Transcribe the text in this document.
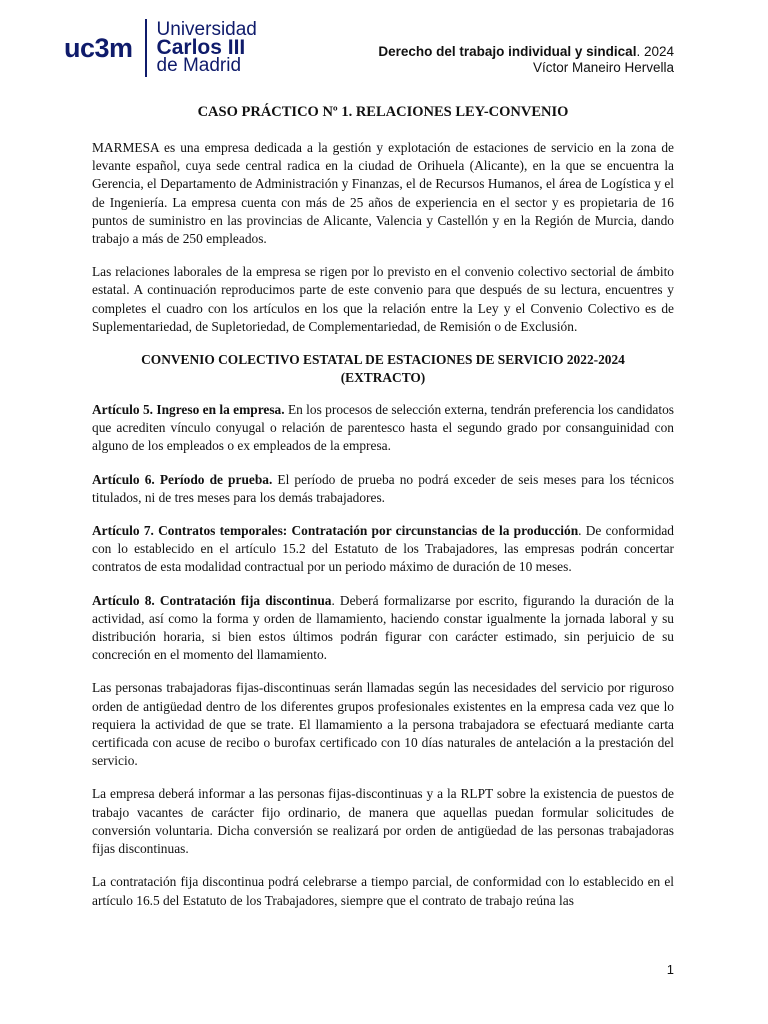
uc3m
Universidad
Carlos III
de Madrid
Derecho del trabajo individual y sindical. 2024
Víctor Maneiro Hervella
CASO PRÁCTICO Nº 1. RELACIONES LEY-CONVENIO

MARMESA es una empresa dedicada a la gestión y explotación de estaciones de servicio en la zona de levante español, cuya sede central radica en la ciudad de Orihuela (Alicante), en la que se encuentra la Gerencia, el Departamento de Administración y Finanzas, el de Recursos Humanos, el área de Logística y el de Ingeniería. La empresa cuenta con más de 25 años de experiencia en el sector y es propietaria de 16 puntos de suministro en las provincias de Alicante, Valencia y Castellón y en la Región de Murcia, dando trabajo a más de 250 empleados.

Las relaciones laborales de la empresa se rigen por lo previsto en el convenio colectivo sectorial de ámbito estatal. A continuación reproducimos parte de este convenio para que después de su lectura, encuentres y completes el cuadro con los artículos en los que la relación entre la Ley y el Convenio Colectivo es de Suplementariedad, de Supletoriedad, de Complementariedad, de Remisión o de Exclusión.

CONVENIO COLECTIVO ESTATAL DE ESTACIONES DE SERVICIO 2022-2024
(EXTRACTO)

Artículo 5. Ingreso en la empresa. En los procesos de selección externa, tendrán preferencia los candidatos que acrediten vínculo conyugal o relación de parentesco hasta el segundo grado por consanguinidad con alguno de los empleados o ex empleados de la empresa.

Artículo 6. Período de prueba. El período de prueba no podrá exceder de seis meses para los técnicos titulados, ni de tres meses para los demás trabajadores.

Artículo 7. Contratos temporales: Contratación por circunstancias de la producción. De conformidad con lo establecido en el artículo 15.2 del Estatuto de los Trabajadores, las empresas podrán concertar contratos de esta modalidad contractual por un periodo máximo de duración de 10 meses.

Artículo 8. Contratación fija discontinua. Deberá formalizarse por escrito, figurando la duración de la actividad, así como la forma y orden de llamamiento, haciendo constar igualmente la jornada laboral y su distribución horaria, si bien estos últimos podrán figurar con carácter estimado, sin perjuicio de su concreción en el momento del llamamiento.

Las personas trabajadoras fijas-discontinuas serán llamadas según las necesidades del servicio por riguroso orden de antigüedad dentro de los diferentes grupos profesionales existentes en la empresa cada vez que lo requiera la actividad de que se trate. El llamamiento a la persona trabajadora se efectuará mediante carta certificada con acuse de recibo o burofax certificado con 10 días naturales de antelación a la prestación del servicio.

La empresa deberá informar a las personas fijas-discontinuas y a la RLPT sobre la existencia de puestos de trabajo vacantes de carácter fijo ordinario, de manera que aquellas puedan formular solicitudes de conversión voluntaria. Dicha conversión se realizará por orden de antigüedad de las personas trabajadoras fijas discontinuas.

La contratación fija discontinua podrá celebrarse a tiempo parcial, de conformidad con lo establecido en el artículo 16.5 del Estatuto de los Trabajadores, siempre que el contrato de trabajo reúna las

1
